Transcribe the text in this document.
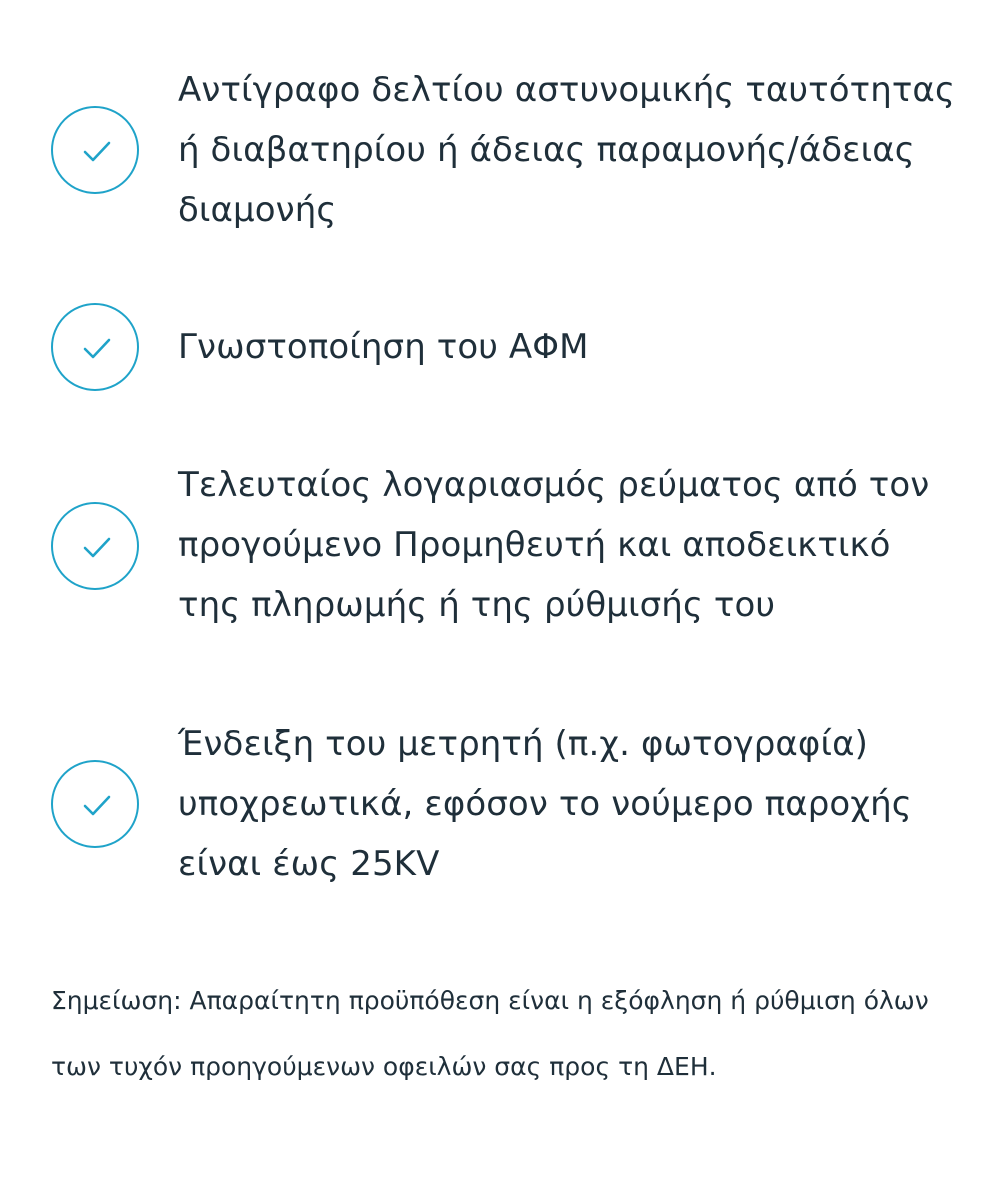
Αντίγραφο δελτίου αστυνομικής ταυτότητας
ή διαβατηρίου ή άδειας παραμονής/άδειας
διαμονής
Γνωστοποίηση του ΑΦΜ
Τελευταίος λογαριασμός ρεύματος από τον
προγούμενο Προμηθευτή και αποδεικτικό
της πληρωμής ή της ρύθμισής του
Ένδειξη του μετρητή (π.χ. φωτογραφία)
υποχρεωτικά, εφόσον το νούμερο παροχής
είναι έως 25KV
Σημείωση: Απαραίτητη προϋπόθεση είναι η εξόφληση ή ρύθμιση όλων των τυχόν προηγούμενων οφειλών σας προς τη ΔΕΗ.
